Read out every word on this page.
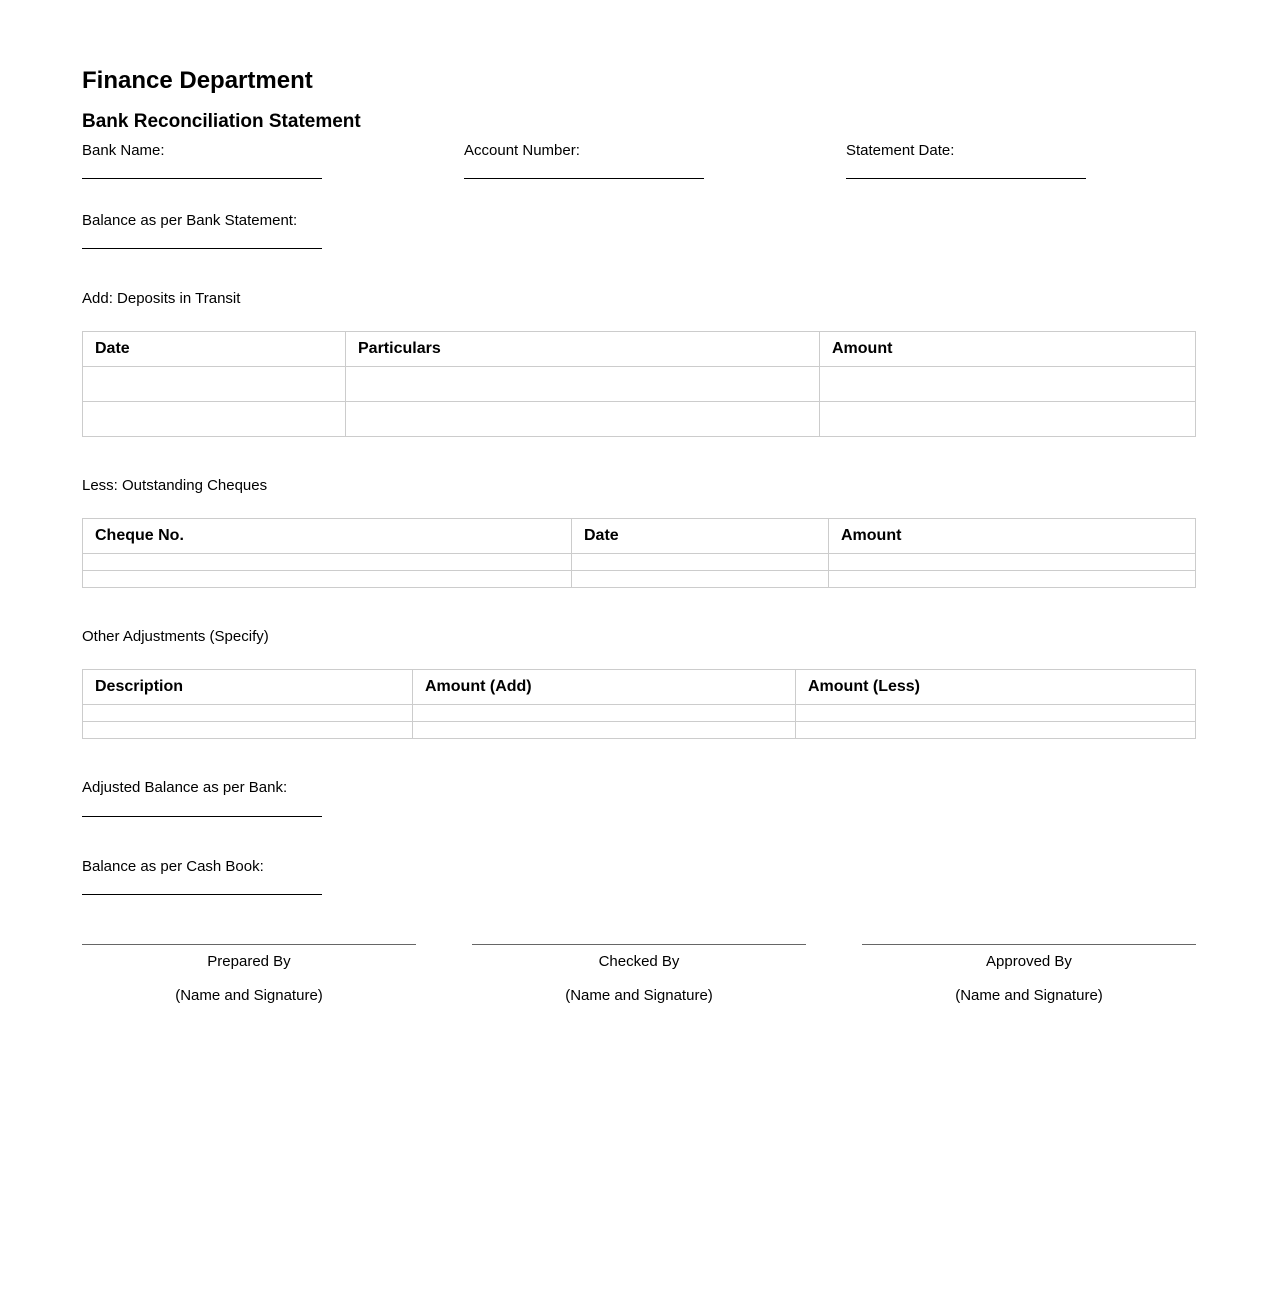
Finance Department
Bank Reconciliation Statement
Bank Name:	Account Number:	Statement Date:
Balance as per Bank Statement:
Add: Deposits in Transit
Date	Particulars	Amount

Less: Outstanding Cheques
Cheque No.	Date	Amount

Other Adjustments (Specify)
Description	Amount (Add)	Amount (Less)

Adjusted Balance as per Bank:
Balance as per Cash Book:
Prepared By
(Name and Signature)
Checked By
(Name and Signature)
Approved By
(Name and Signature)
